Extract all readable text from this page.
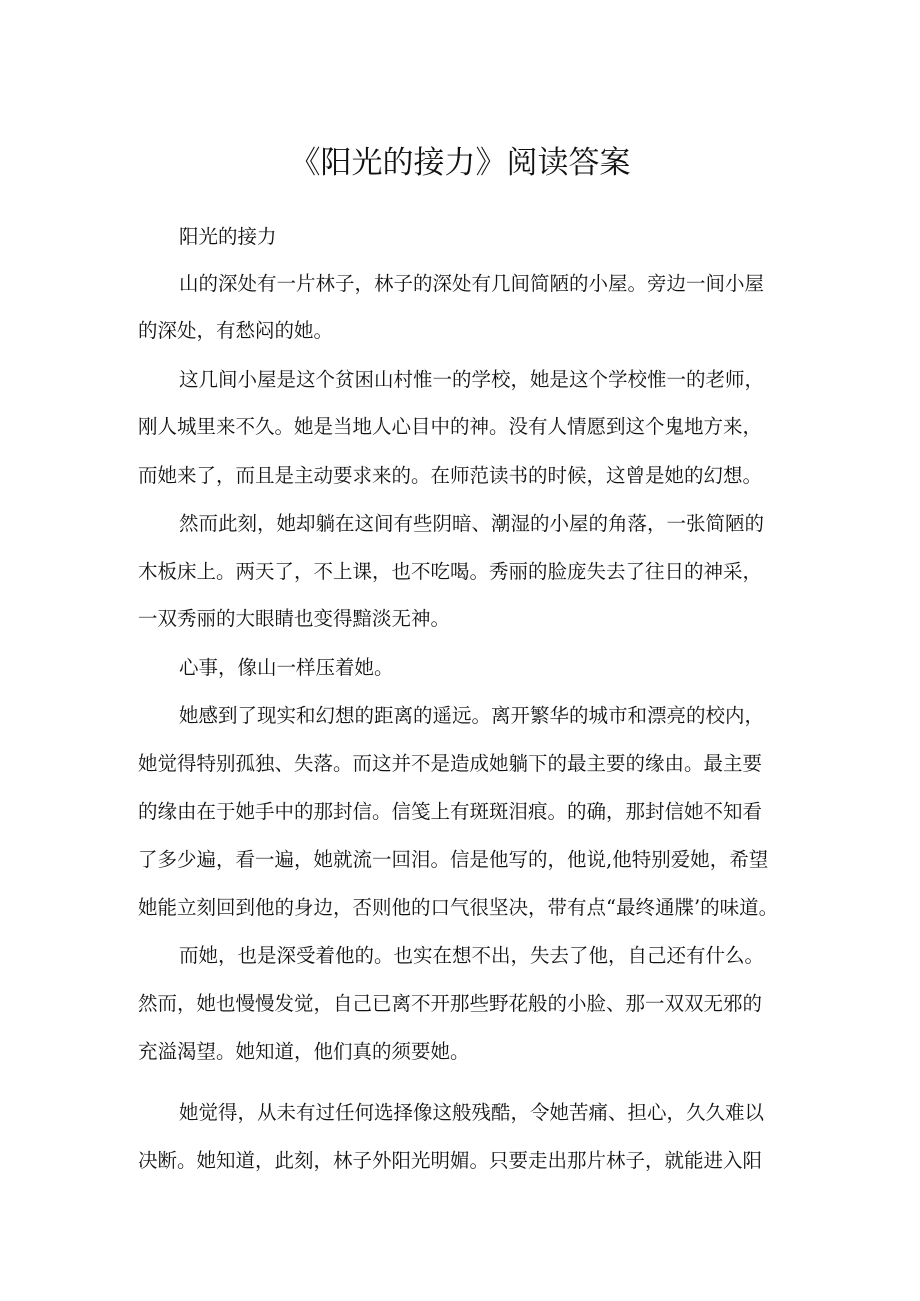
《阳光的接力》阅读答案
阳光的接力
山的深处有一片林子，林子的深处有几间简陋的小屋。旁边一间小屋
的深处，有愁闷的她。
这几间小屋是这个贫困山村惟一的学校，她是这个学校惟一的老师，
刚人城里来不久。她是当地人心目中的神。没有人情愿到这个鬼地方来，
而她来了，而且是主动要求来的。在师范读书的时候，这曾是她的幻想。
然而此刻，她却躺在这间有些阴暗、潮湿的小屋的角落，一张简陋的
木板床上。两天了，不上课，也不吃喝。秀丽的脸庞失去了往日的神采，
一双秀丽的大眼睛也变得黯淡无神。
心事，像山一样压着她。
她感到了现实和幻想的距离的遥远。离开繁华的城市和漂亮的校内，
她觉得特别孤独、失落。而这并不是造成她躺下的最主要的缘由。最主要
的缘由在于她手中的那封信。信笺上有斑斑泪痕。的确，那封信她不知看
了多少遍，看一遍，她就流一回泪。信是他写的，他说,他特别爱她，希望
她能立刻回到他的身边，否则他的口气很坚决，带有点“最终通牒’的味道。
而她，也是深受着他的。也实在想不出，失去了他，自己还有什么。
然而，她也慢慢发觉，自己已离不开那些野花般的小脸、那一双双无邪的
充溢渴望。她知道，他们真的须要她。
她觉得，从未有过任何选择像这般残酷，令她苦痛、担心，久久难以
决断。她知道，此刻，林子外阳光明媚。只要走出那片林子，就能进入阳
